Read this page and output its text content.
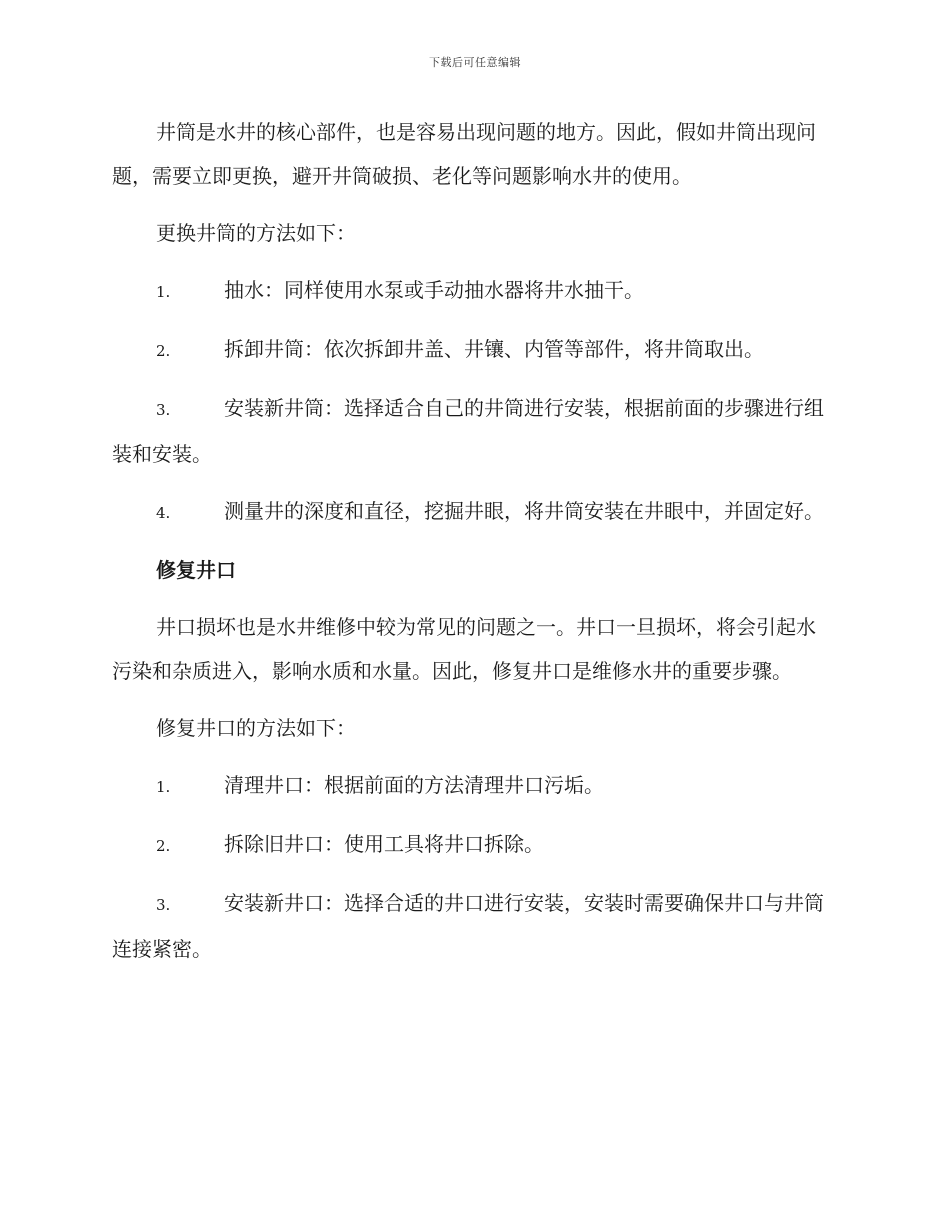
下载后可任意编辑

井筒是水井的核心部件，也是容易出现问题的地方。因此，假如井筒出现问题，需要立即更换，避开井筒破损、老化等问题影响水井的使用。

更换井筒的方法如下：

1.	抽水：同样使用水泵或手动抽水器将井水抽干。

2.	拆卸井筒：依次拆卸井盖、井镶、内管等部件，将井筒取出。

3.	安装新井筒：选择适合自己的井筒进行安装，根据前面的步骤进行组装和安装。

4.	测量井的深度和直径，挖掘井眼，将井筒安装在井眼中，并固定好。

修复井口

井口损坏也是水井维修中较为常见的问题之一。井口一旦损坏，将会引起水污染和杂质进入，影响水质和水量。因此，修复井口是维修水井的重要步骤。

修复井口的方法如下：

1.	清理井口：根据前面的方法清理井口污垢。

2.	拆除旧井口：使用工具将井口拆除。

3.	安装新井口：选择合适的井口进行安装，安装时需要确保井口与井筒连接紧密。
